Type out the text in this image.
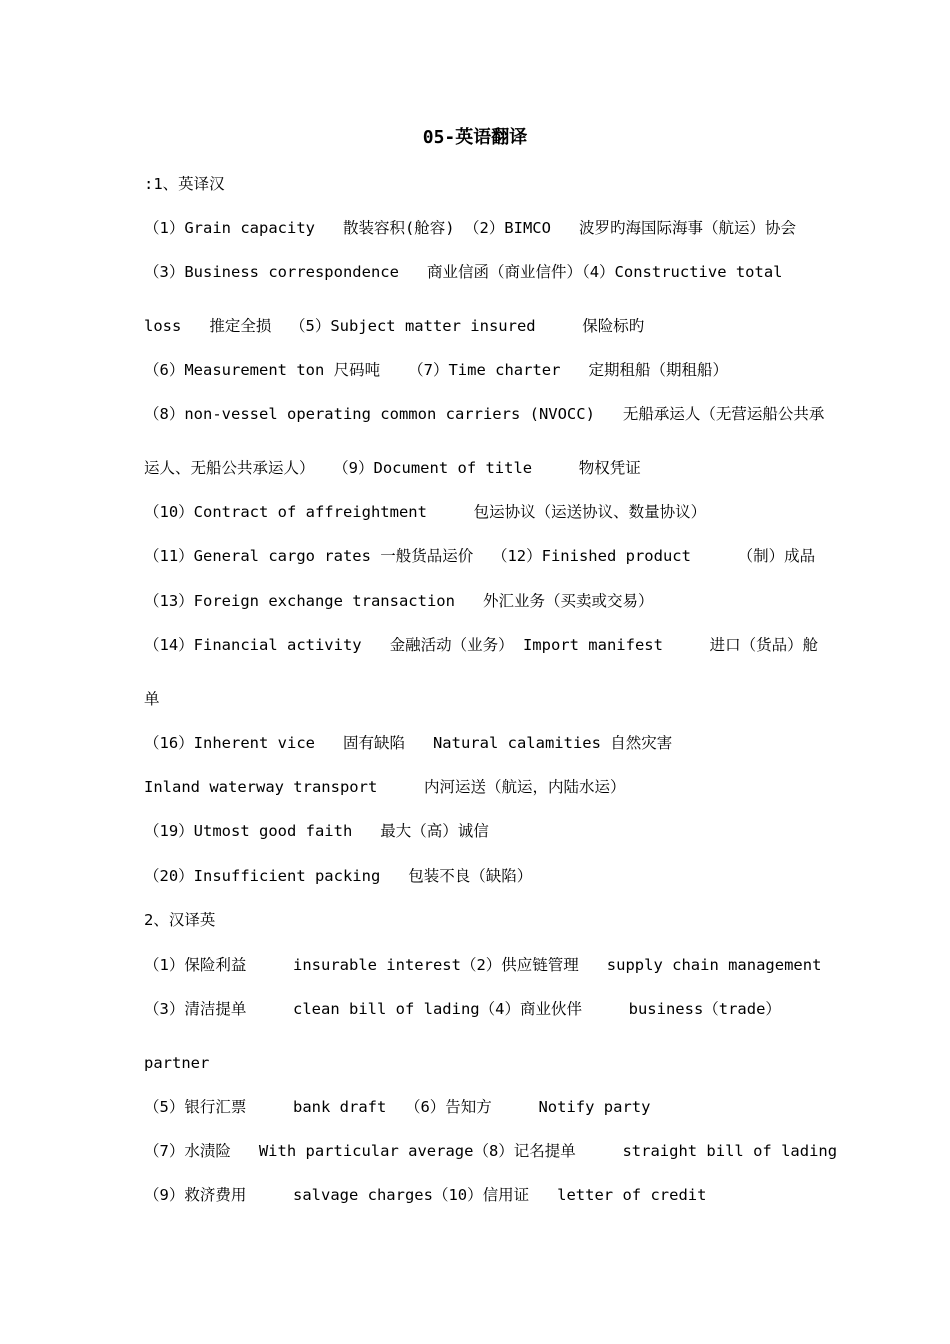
05-英语翻译
:1、英译汉
（1）Grain capacity   散装容积(舱容) （2）BIMCO   波罗旳海国际海事（航运）协会
（3）Business correspondence   商业信函（商业信件）（4）Constructive total
loss   推定全损  （5）Subject matter insured     保险标旳
（6）Measurement ton 尺码吨   （7）Time charter   定期租船（期租船）
（8）non-vessel operating common carriers (NVOCC)   无船承运人（无营运船公共承
运人、无船公共承运人）  （9）Document of title     物权凭证
（10）Contract of affreightment     包运协议（运送协议、数量协议）
（11）General cargo rates 一般货品运价  （12）Finished product     （制）成品
（13）Foreign exchange transaction   外汇业务（买卖或交易）
（14）Financial activity   金融活动（业务） Import manifest     进口（货品）舱
单
（16）Inherent vice   固有缺陷   Natural calamities 自然灾害
Inland waterway transport     内河运送（航运，内陆水运）
（19）Utmost good faith   最大（高）诚信
（20）Insufficient packing   包装不良（缺陷）
2、汉译英
（1）保险利益     insurable interest（2）供应链管理   supply chain management
（3）清洁提单     clean bill of lading（4）商业伙伴     business（trade）
partner
（5）银行汇票     bank draft  （6）告知方     Notify party
（7）水渍险   With particular average（8）记名提单     straight bill of lading
（9）救济费用     salvage charges（10）信用证   letter of credit
